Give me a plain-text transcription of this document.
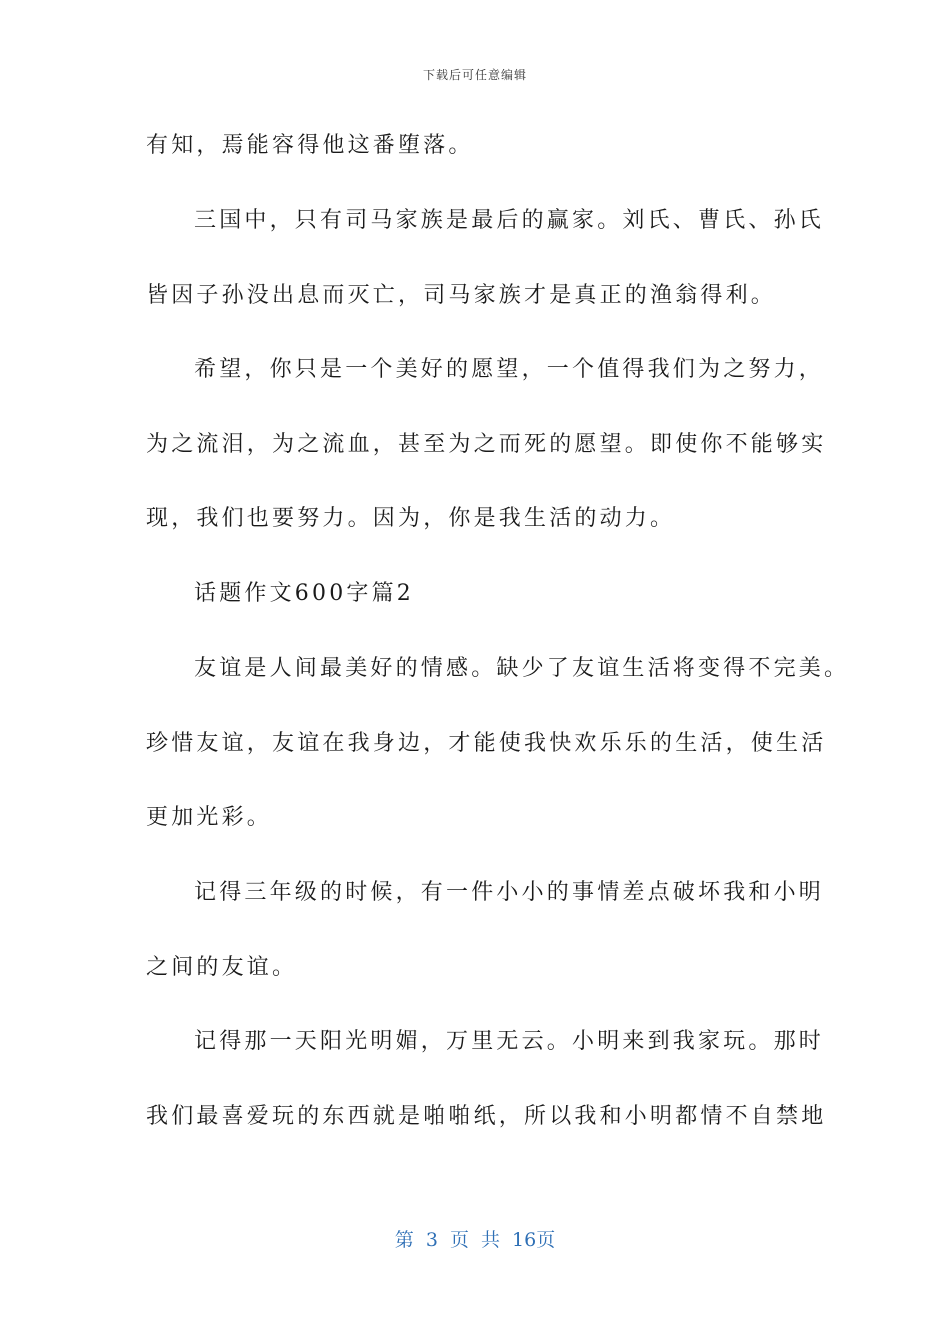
下载后可任意编辑
有知，焉能容得他这番堕落。
三国中，只有司马家族是最后的赢家。刘氏、曹氏、孙氏
皆因子孙没出息而灭亡，司马家族才是真正的渔翁得利。
希望，你只是一个美好的愿望，一个值得我们为之努力，
为之流泪，为之流血，甚至为之而死的愿望。即使你不能够实
现，我们也要努力。因为，你是我生活的动力。
话题作文600字篇2
友谊是人间最美好的情感。缺少了友谊生活将变得不完美。
珍惜友谊，友谊在我身边，才能使我快欢乐乐的生活，使生活
更加光彩。
记得三年级的时候，有一件小小的事情差点破坏我和小明
之间的友谊。
记得那一天阳光明媚，万里无云。小明来到我家玩。那时
我们最喜爱玩的东西就是啪啪纸，所以我和小明都情不自禁地
第 3 页 共 16页
